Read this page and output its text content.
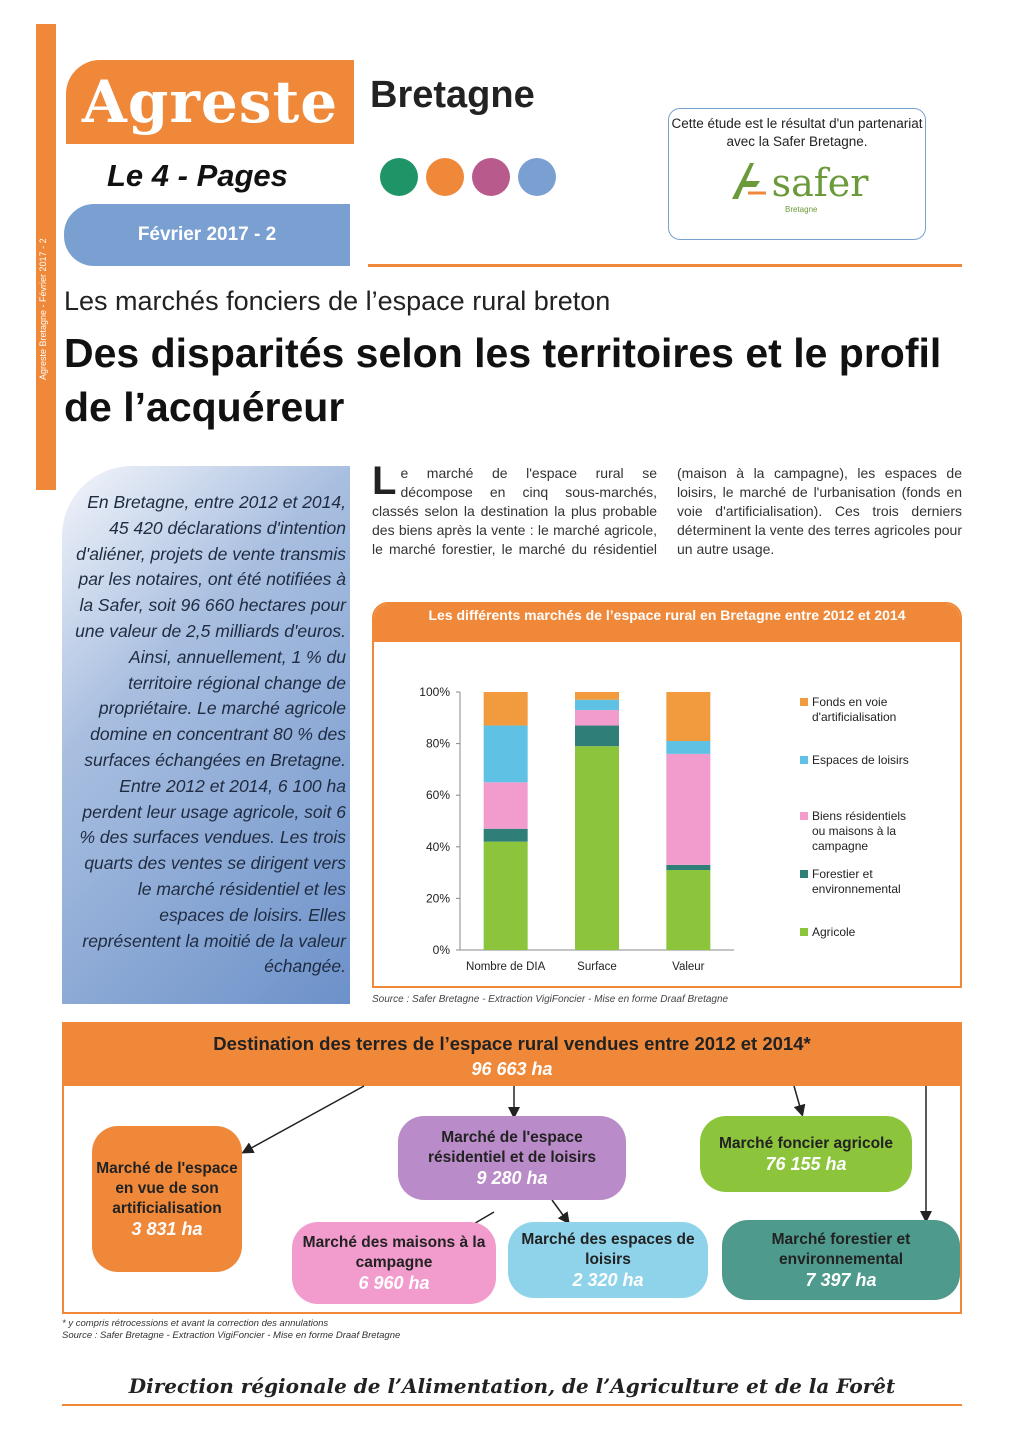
Agreste Bretagne - Février 2017 - 2
Agreste Bretagne
Le 4 - Pages
Février 2017 - 2
Cette étude est le résultat d'un partenariat avec la Safer Bretagne.
safer
Bretagne
Les marchés fonciers de l’espace rural breton
Des disparités selon les territoires et le profil de l’acquéreur
En Bretagne, entre 2012 et 2014, 45 420 déclarations d'intention d'aliéner, projets de vente transmis par les notaires, ont été notifiées à la Safer, soit 96 660 hectares pour une valeur de 2,5 milliards d'euros. Ainsi, annuellement, 1 % du territoire régional change de propriétaire. Le marché agricole domine en concentrant 80 % des surfaces échangées en Bretagne. Entre 2012 et 2014, 6 100 ha perdent leur usage agricole, soit 6 % des surfaces vendues. Les trois quarts des ventes se dirigent vers le marché résidentiel et les espaces de loisirs. Elles représentent la moitié de la valeur échangée.
Le marché de l'espace rural se décompose en cinq sous-marchés, classés selon la destination la plus probable des biens après la vente : le marché agricole, le marché forestier, le marché du résidentiel (maison à la campagne), les espaces de loisirs, le marché de l'urbanisation (fonds en voie d'artificialisation). Ces trois derniers déterminent la vente des terres agricoles pour un autre usage.
Les différents marchés de l’espace rural en Bretagne entre 2012 et 2014
0%
20%
40%
60%
80%
100%
Nombre de DIA	Surface	Valeur
Fonds en voie d'artificialisation
Espaces de loisirs
Biens résidentiels ou maisons à la campagne
Forestier et environnemental
Agricole
Source : Safer Bretagne - Extraction VigiFoncier - Mise en forme Draaf Bretagne
Destination des terres de l’espace rural vendues entre 2012 et 2014*
96 663 ha
Marché de l'espace en vue de son artificialisation
3 831 ha
Marché de l'espace résidentiel et de loisirs
9 280 ha
Marché foncier agricole
76 155 ha
Marché des maisons à la campagne
6 960 ha
Marché des espaces de loisirs
2 320 ha
Marché forestier et environnemental
7 397 ha
* y compris rétrocessions et avant la correction des annulations
Source : Safer Bretagne - Extraction VigiFoncier - Mise en forme Draaf Bretagne
Direction régionale de l’Alimentation, de l’Agriculture et de la Forêt
